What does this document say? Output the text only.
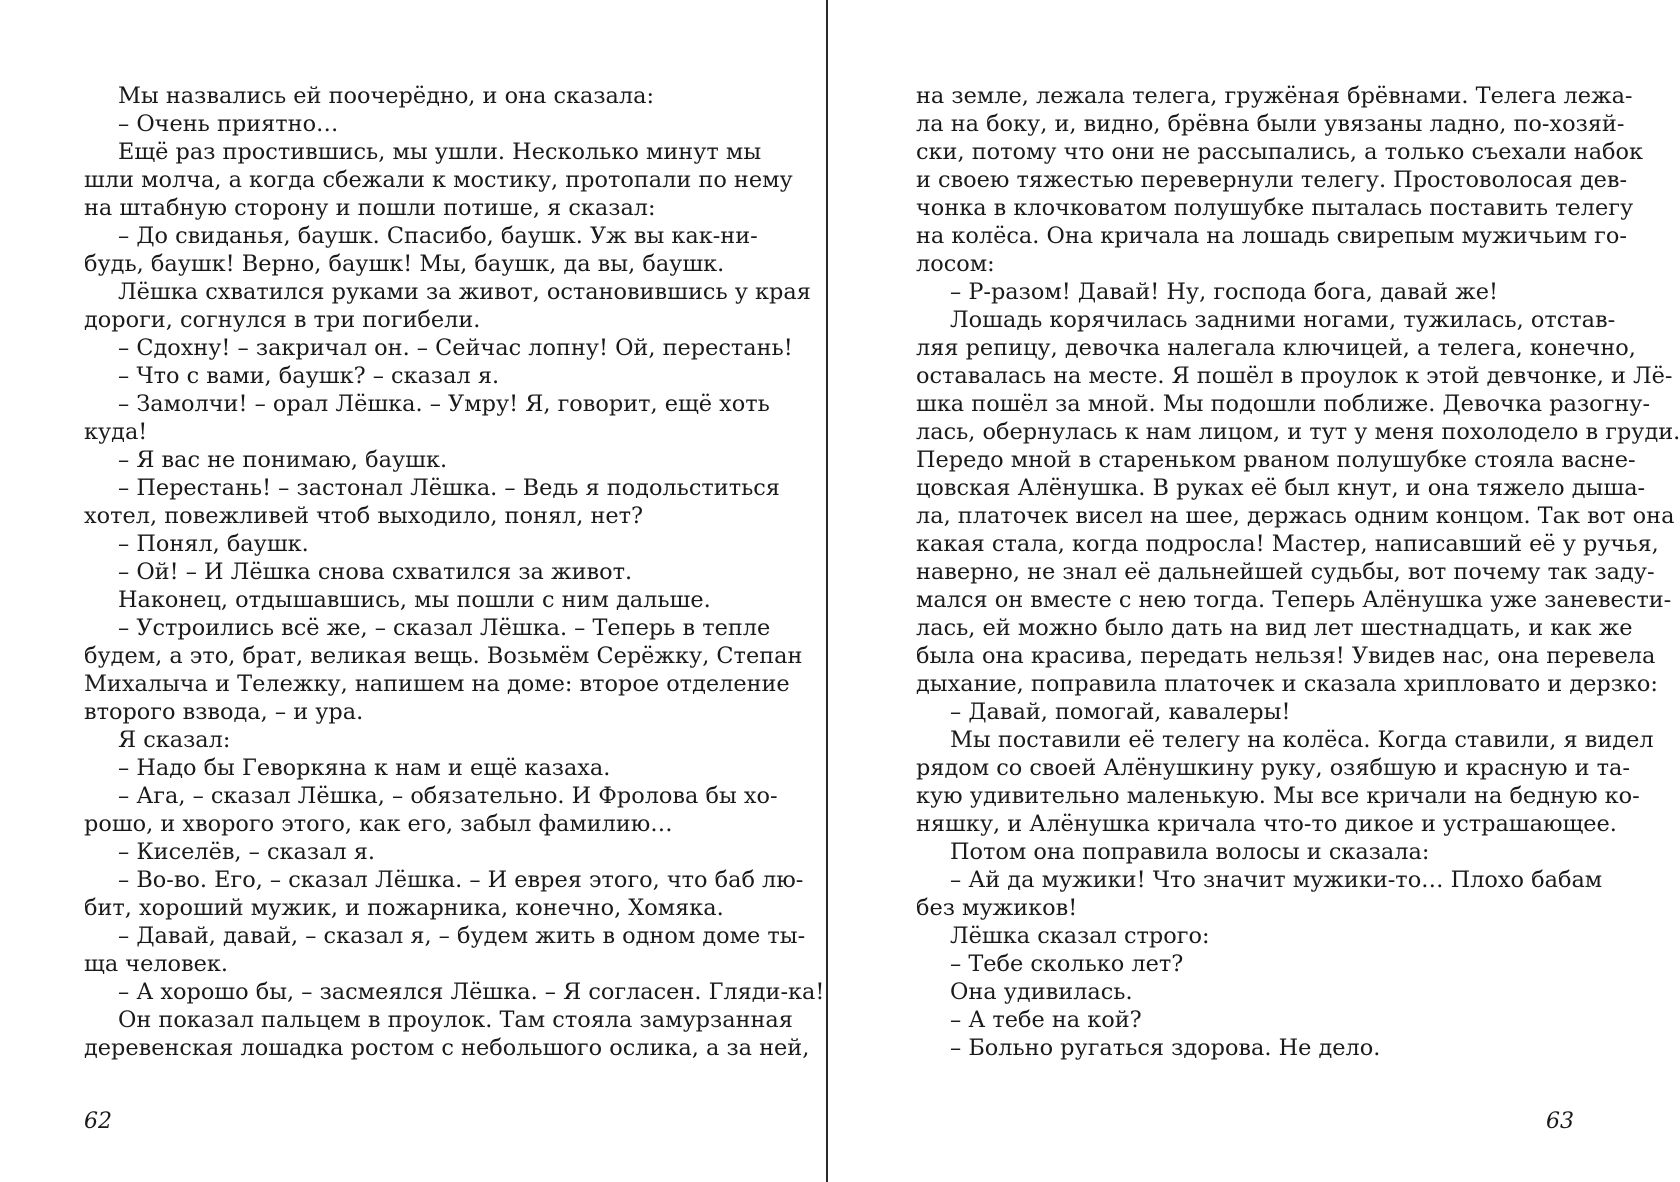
Мы назвались ей поочерёдно, и она сказала:
– Очень приятно…
Ещё раз простившись, мы ушли. Несколько минут мы
шли молча, а когда сбежали к мостику, протопали по нему
на штабную сторону и пошли потише, я сказал:
– До свиданья, баушк. Спасибо, баушк. Уж вы как-ни-
будь, баушк! Верно, баушк! Мы, баушк, да вы, баушк.
Лёшка схватился руками за живот, остановившись у края
дороги, согнулся в три погибели.
– Сдохну! – закричал он. – Сейчас лопну! Ой, перестань!
– Что с вами, баушк? – сказал я.
– Замолчи! – орал Лёшка. – Умру! Я, говорит, ещё хоть
куда!
– Я вас не понимаю, баушк.
– Перестань! – застонал Лёшка. – Ведь я подольститься
хотел, повежливей чтоб выходило, понял, нет?
– Понял, баушк.
– Ой! – И Лёшка снова схватился за живот.
Наконец, отдышавшись, мы пошли с ним дальше.
– Устроились всё же, – сказал Лёшка. – Теперь в тепле
будем, а это, брат, великая вещь. Возьмём Серёжку, Степан
Михалыча и Тележку, напишем на доме: второе отделение
второго взвода, – и ура.
Я сказал:
– Надо бы Геворкяна к нам и ещё казаха.
– Ага, – сказал Лёшка, – обязательно. И Фролова бы хо-
рошо, и хворого этого, как его, забыл фамилию…
– Киселёв, – сказал я.
– Во-во. Его, – сказал Лёшка. – И еврея этого, что баб лю-
бит, хороший мужик, и пожарника, конечно, Хомяка.
– Давай, давай, – сказал я, – будем жить в одном доме ты-
ща человек.
– А хорошо бы, – засмеялся Лёшка. – Я согласен. Гляди-ка!
Он показал пальцем в проулок. Там стояла замурзанная
деревенская лошадка ростом с небольшого ослика, а за ней,
на земле, лежала телега, гружёная брёвнами. Телега лежа-
ла на боку, и, видно, брёвна были увязаны ладно, по-хозяй-
ски, потому что они не рассыпались, а только съехали набок
и своею тяжестью перевернули телегу. Простоволосая дев-
чонка в клочковатом полушубке пыталась поставить телегу
на колёса. Она кричала на лошадь свирепым мужичьим го-
лосом:
– Р-разом! Давай! Ну, господа бога, давай же!
Лошадь корячилась задними ногами, тужилась, отстав-
ляя репицу, девочка налегала ключицей, а телега, конечно,
оставалась на месте. Я пошёл в проулок к этой девчонке, и Лё-
шка пошёл за мной. Мы подошли поближе. Девочка разогну-
лась, обернулась к нам лицом, и тут у меня похолодело в груди.
Передо мной в стареньком рваном полушубке стояла васне-
цовская Алёнушка. В руках её был кнут, и она тяжело дыша-
ла, платочек висел на шее, держась одним концом. Так вот она
какая стала, когда подросла! Мастер, написавший её у ручья,
наверно, не знал её дальнейшей судьбы, вот почему так заду-
мался он вместе с нею тогда. Теперь Алёнушка уже заневести-
лась, ей можно было дать на вид лет шестнадцать, и как же
была она красива, передать нельзя! Увидев нас, она перевела
дыхание, поправила платочек и сказала хрипловато и дерзко:
– Давай, помогай, кавалеры!
Мы поставили её телегу на колёса. Когда ставили, я видел
рядом со своей Алёнушкину руку, озябшую и красную и та-
кую удивительно маленькую. Мы все кричали на бедную ко-
няшку, и Алёнушка кричала что-то дикое и устрашающее.
Потом она поправила волосы и сказала:
– Ай да мужики! Что значит мужики-то… Плохо бабам
без мужиков!
Лёшка сказал строго:
– Тебе сколько лет?
Она удивилась.
– А тебе на кой?
– Больно ругаться здорова. Не дело.
62	63
